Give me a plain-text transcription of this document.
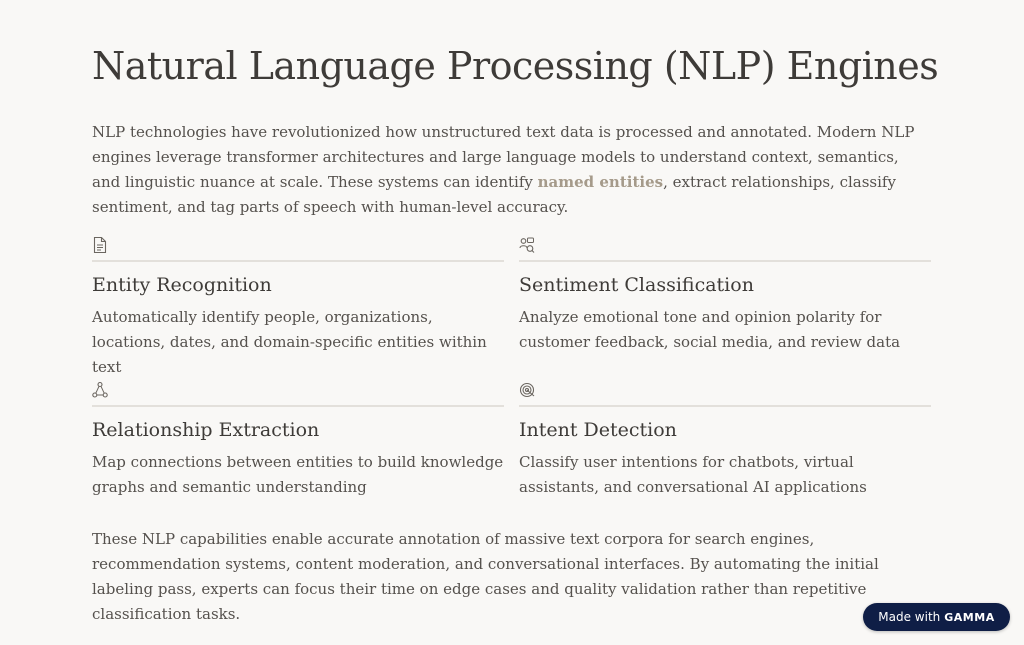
Natural Language Processing (NLP) Engines

NLP technologies have revolutionized how unstructured text data is processed and annotated. Modern NLP engines leverage transformer architectures and large language models to understand context, semantics, and linguistic nuance at scale. These systems can identify named entities, extract relationships, classify sentiment, and tag parts of speech with human-level accuracy.

Entity Recognition

Automatically identify people, organizations, locations, dates, and domain-specific entities within text

Sentiment Classification

Analyze emotional tone and opinion polarity for customer feedback, social media, and review data

Relationship Extraction

Map connections between entities to build knowledge graphs and semantic understanding

Intent Detection

Classify user intentions for chatbots, virtual assistants, and conversational AI applications

These NLP capabilities enable accurate annotation of massive text corpora for search engines, recommendation systems, content moderation, and conversational interfaces. By automating the initial labeling pass, experts can focus their time on edge cases and quality validation rather than repetitive classification tasks.	Made with GAMMA
